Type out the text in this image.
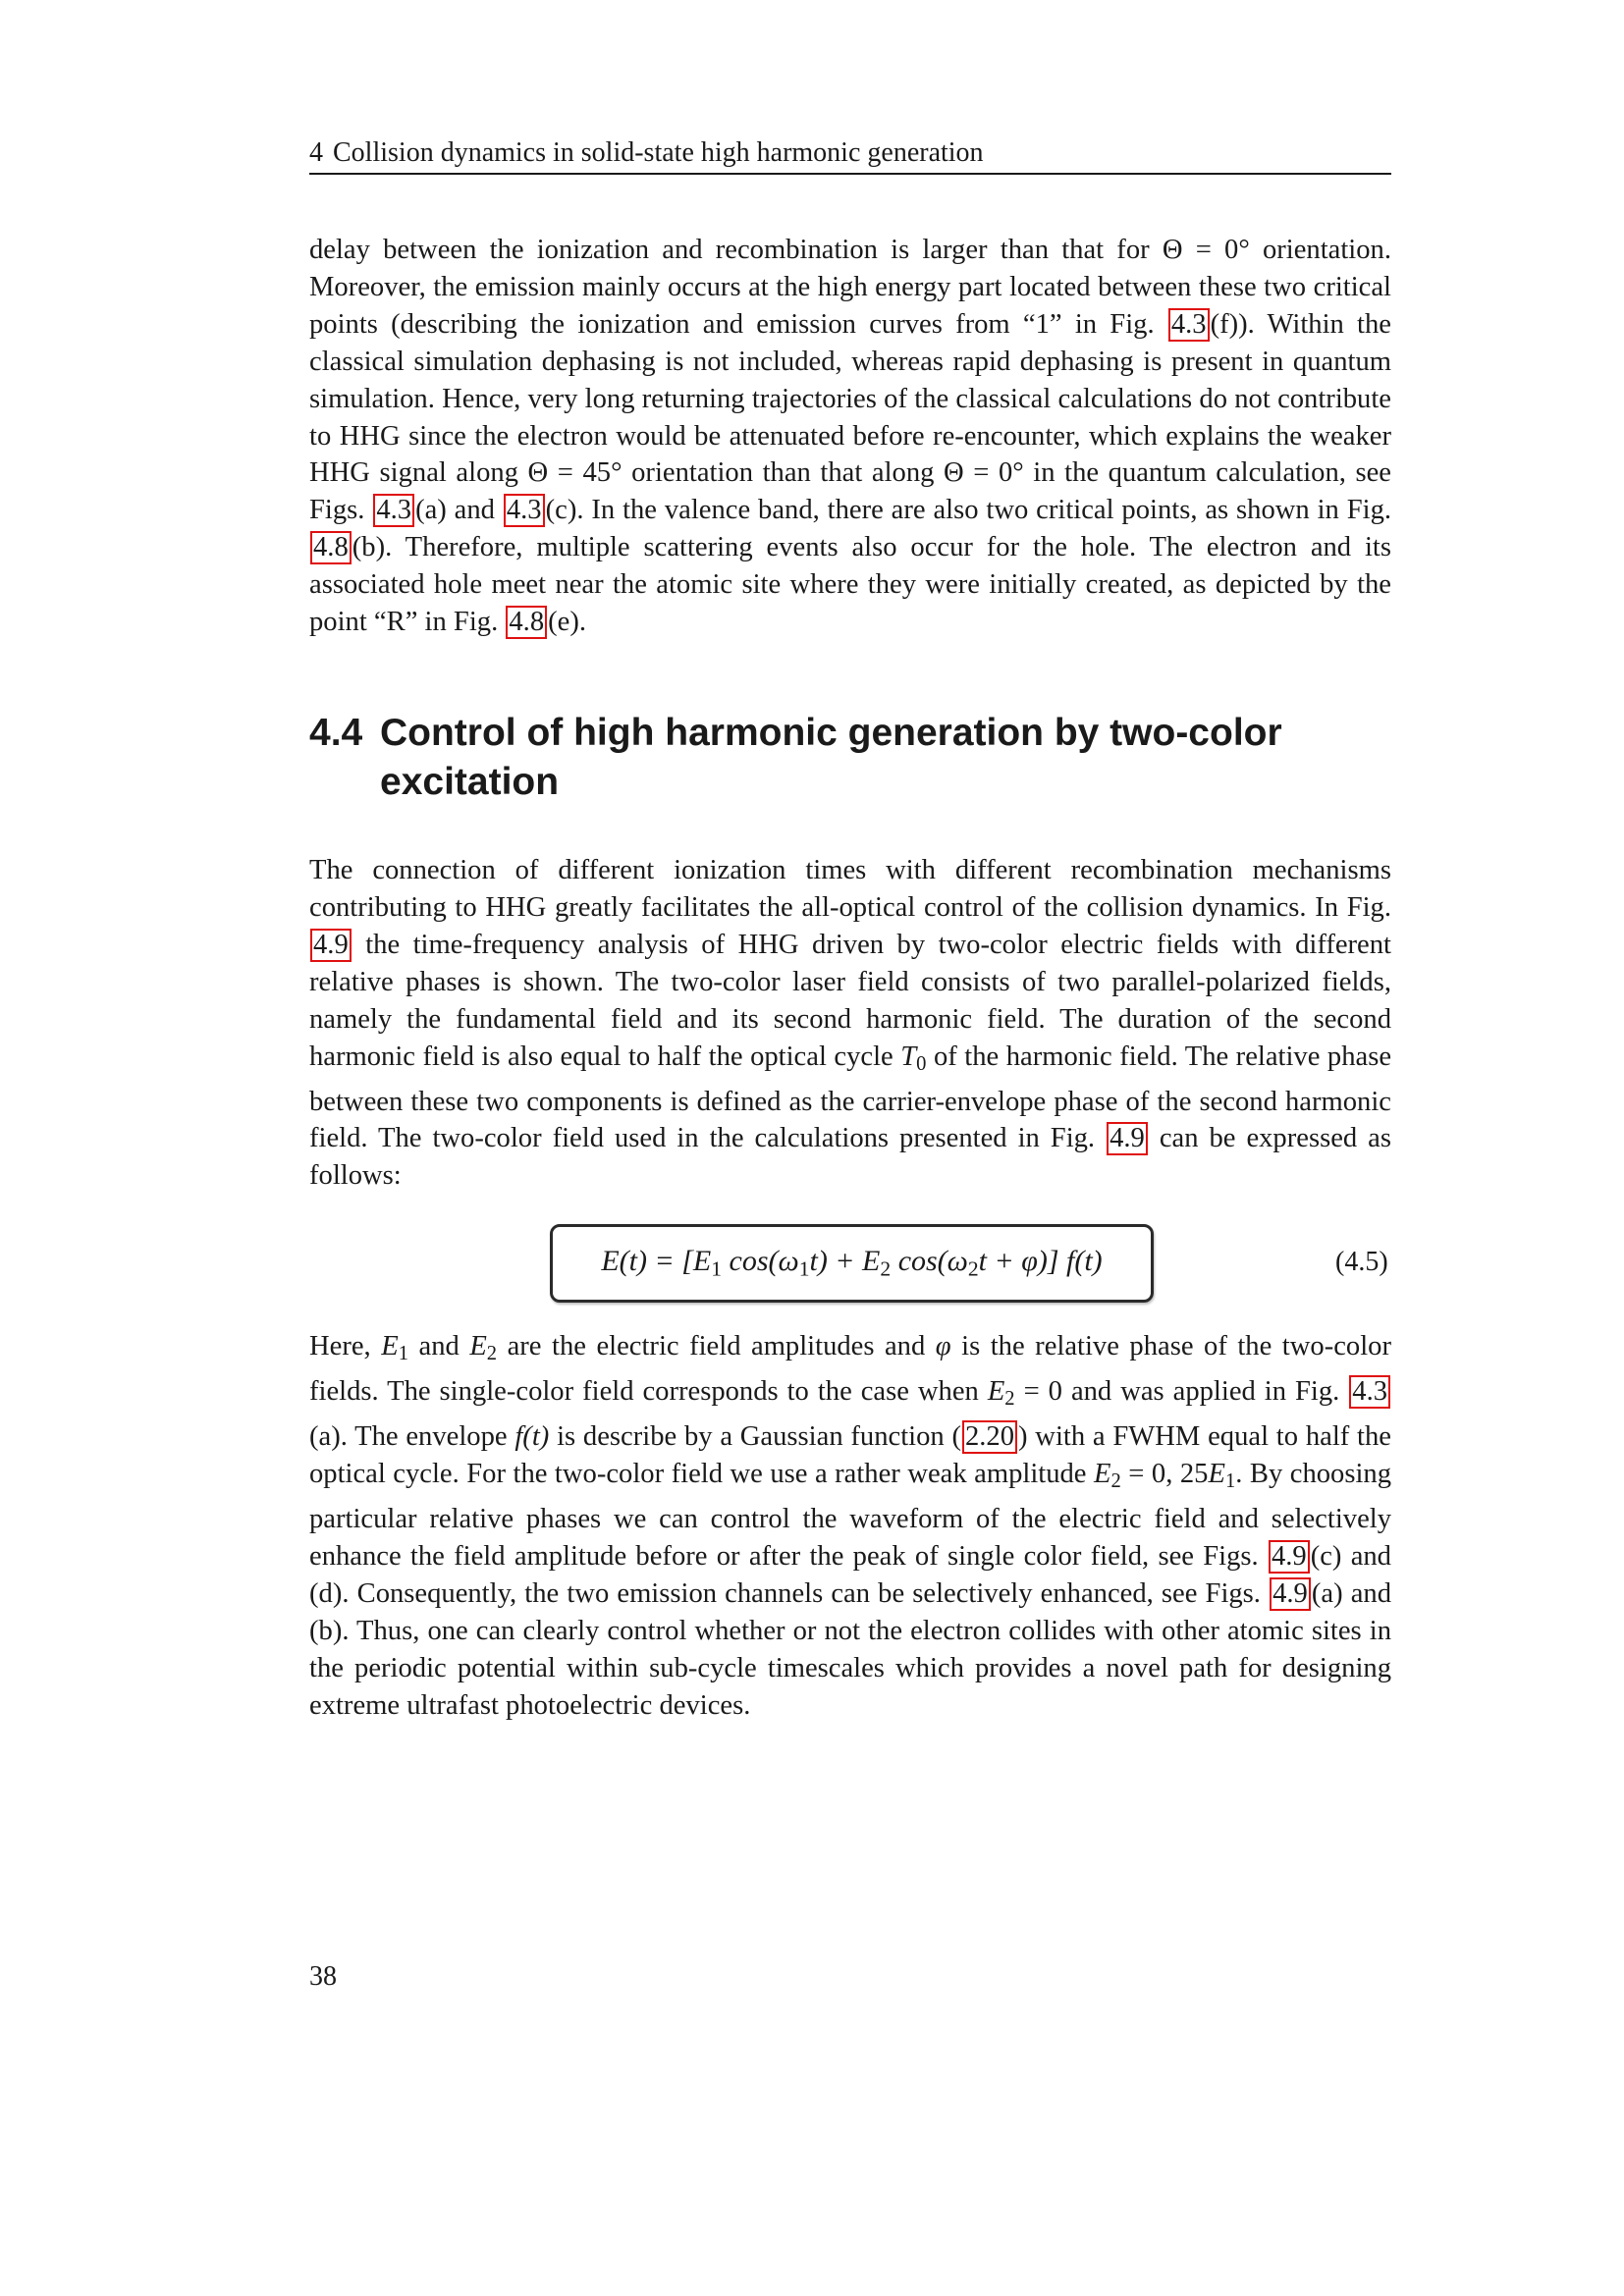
4 Collision dynamics in solid-state high harmonic generation

delay between the ionization and recombination is larger than that for Θ = 0° orientation. Moreover, the emission mainly occurs at the high energy part located between these two critical points (describing the ionization and emission curves from “1” in Fig. 4.3 (f)). Within the classical simulation dephasing is not included, whereas rapid dephasing is present in quantum simulation. Hence, very long returning trajectories of the classical calculations do not contribute to HHG since the electron would be attenuated before re-encounter, which explains the weaker HHG signal along Θ = 45° orientation than that along Θ = 0° in the quantum calculation, see Figs. 4.3 (a) and 4.3 (c). In the valence band, there are also two critical points, as shown in Fig. 4.8 (b). Therefore, multiple scattering events also occur for the hole. The electron and its associated hole meet near the atomic site where they were initially created, as depicted by the point “R” in Fig. 4.8 (e).

4.4 Control of high harmonic generation by two-color excitation

The connection of different ionization times with different recombination mechanisms contributing to HHG greatly facilitates the all-optical control of the collision dynamics. In Fig. 4.9 the time-frequency analysis of HHG driven by two-color electric fields with different relative phases is shown. The two-color laser field consists of two parallel-polarized fields, namely the fundamental field and its second harmonic field. The duration of the second harmonic field is also equal to half the optical cycle $T_0$ of the harmonic field. The relative phase between these two components is defined as the carrier-envelope phase of the second harmonic field. The two-color field used in the calculations presented in Fig. 4.9 can be expressed as follows:

$E(t) = [E_1$ $\cos(\omega_1t) + E_2$ $\cos(\omega_2t + \varphi)$] f(t)	(4.5)

Here, $E_1$ and $E_2$ are the electric field amplitudes and φ is the relative phase of the two-color fields. The single-color field corresponds to the case when $E_2 = 0$ and was applied in Fig. 4.3(a). The envelope f(t) is describe by a Gaussian function ( 2.20 ) with a FWHM equal to half the optical cycle. For the two-color field we use a rather weak amplitude $E_2 = 0$, $25E_1$. By choosing particular relative phases we can control the waveform of the electric field and selectively enhance the field amplitude before or after the peak of single color field, see Figs. 4.9 (c) and (d). Consequently, the two emission channels can be selectively enhanced, see Figs. 4.9 (a) and (b). Thus, one can clearly control whether or not the electron collides with other atomic sites in the periodic potential within sub-cycle timescales which provides a novel path for designing extreme ultrafast photoelectric devices.

38
